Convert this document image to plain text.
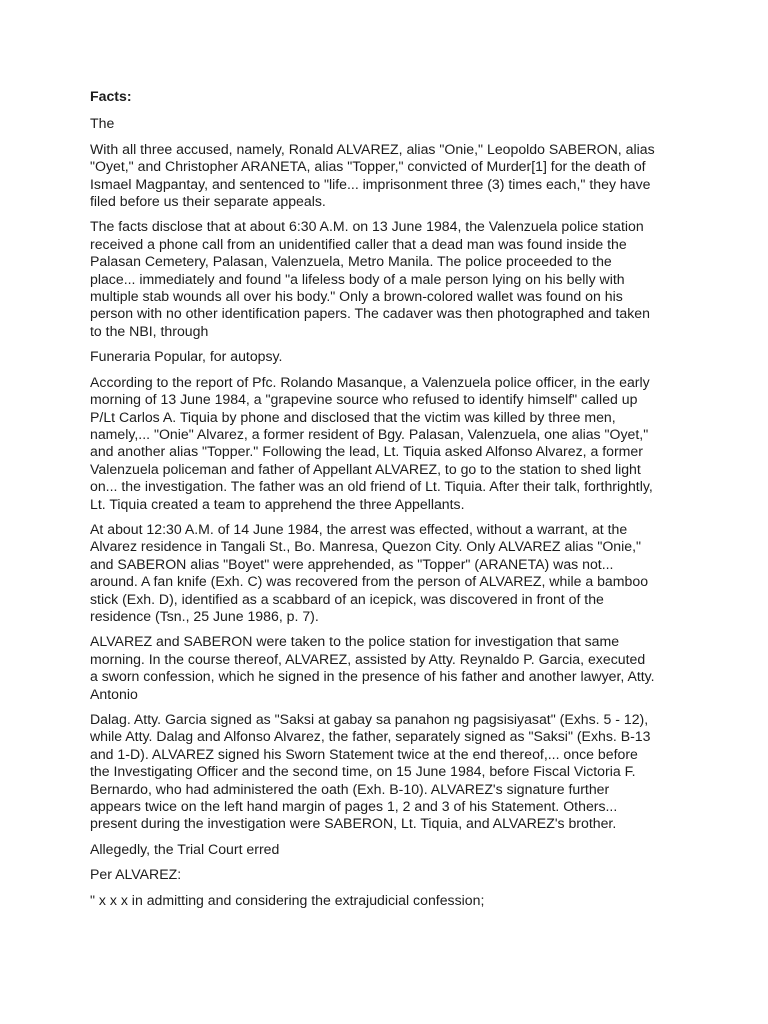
Facts:
The
With all three accused, namely, Ronald ALVAREZ, alias "Onie," Leopoldo SABERON, alias
"Oyet," and Christopher ARANETA, alias "Topper," convicted of Murder[1] for the death of
Ismael Magpantay, and sentenced to "life... imprisonment three (3) times each," they have
filed before us their separate appeals.
The facts disclose that at about 6:30 A.M. on 13 June 1984, the Valenzuela police station
received a phone call from an unidentified caller that a dead man was found inside the
Palasan Cemetery, Palasan, Valenzuela, Metro Manila. The police proceeded to the
place... immediately and found "a lifeless body of a male person lying on his belly with
multiple stab wounds all over his body." Only a brown-colored wallet was found on his
person with no other identification papers. The cadaver was then photographed and taken
to the NBI, through
Funeraria Popular, for autopsy.
According to the report of Pfc. Rolando Masanque, a Valenzuela police officer, in the early
morning of 13 June 1984, a "grapevine source who refused to identify himself" called up
P/Lt Carlos A. Tiquia by phone and disclosed that the victim was killed by three men,
namely,... "Onie" Alvarez, a former resident of Bgy. Palasan, Valenzuela, one alias "Oyet,"
and another alias "Topper." Following the lead, Lt. Tiquia asked Alfonso Alvarez, a former
Valenzuela policeman and father of Appellant ALVAREZ, to go to the station to shed light
on... the investigation. The father was an old friend of Lt. Tiquia. After their talk, forthrightly,
Lt. Tiquia created a team to apprehend the three Appellants.
At about 12:30 A.M. of 14 June 1984, the arrest was effected, without a warrant, at the
Alvarez residence in Tangali St., Bo. Manresa, Quezon City. Only ALVAREZ alias "Onie,"
and SABERON alias "Boyet" were apprehended, as "Topper" (ARANETA) was not...
around. A fan knife (Exh. C) was recovered from the person of ALVAREZ, while a bamboo
stick (Exh. D), identified as a scabbard of an icepick, was discovered in front of the
residence (Tsn., 25 June 1986, p. 7).
ALVAREZ and SABERON were taken to the police station for investigation that same
morning. In the course thereof, ALVAREZ, assisted by Atty. Reynaldo P. Garcia, executed
a sworn confession, which he signed in the presence of his father and another lawyer, Atty.
Antonio
Dalag. Atty. Garcia signed as "Saksi at gabay sa panahon ng pagsisiyasat" (Exhs. 5 - 12),
while Atty. Dalag and Alfonso Alvarez, the father, separately signed as "Saksi" (Exhs. B-13
and 1-D). ALVAREZ signed his Sworn Statement twice at the end thereof,... once before
the Investigating Officer and the second time, on 15 June 1984, before Fiscal Victoria F.
Bernardo, who had administered the oath (Exh. B-10). ALVAREZ's signature further
appears twice on the left hand margin of pages 1, 2 and 3 of his Statement. Others...
present during the investigation were SABERON, Lt. Tiquia, and ALVAREZ's brother.
Allegedly, the Trial Court erred
Per ALVAREZ:
" x x x in admitting and considering the extrajudicial confession;
